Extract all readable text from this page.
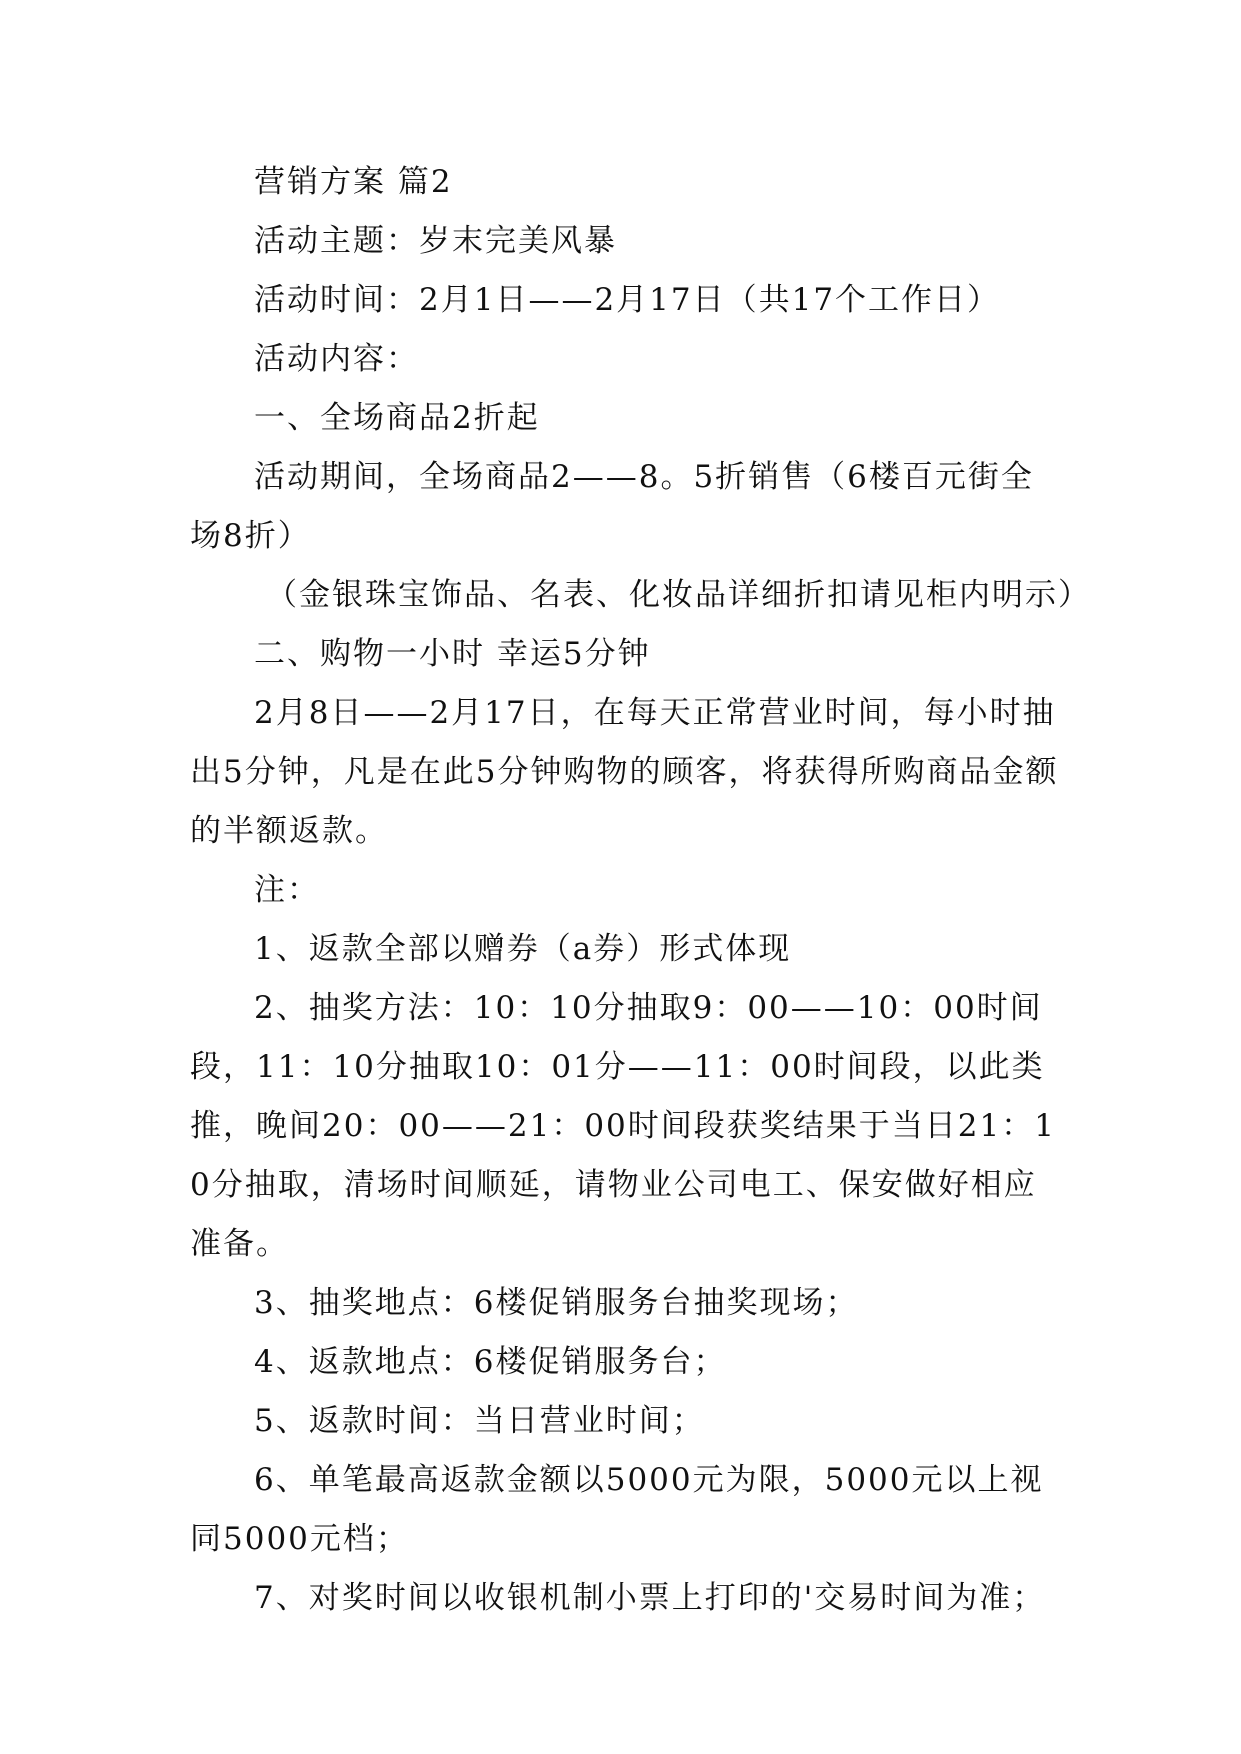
营销方案 篇2

活动主题：岁末完美风暴

活动时间：2月1日——2月17日（共17个工作日）

活动内容：

一、全场商品2折起

活动期间，全场商品2——8。5折销售（6楼百元街全场8折）

（金银珠宝饰品、名表、化妆品详细折扣请见柜内明示）

二、购物一小时 幸运5分钟

2月8日——2月17日，在每天正常营业时间，每小时抽出5分钟，凡是在此5分钟购物的顾客，将获得所购商品金额的半额返款。

注：

1、返款全部以赠券（a券）形式体现

2、抽奖方法：10：10分抽取9：00——10：00时间段，11：10分抽取10：01分——11：00时间段，以此类推，晚间20：00——21：00时间段获奖结果于当日21：10分抽取，清场时间顺延，请物业公司电工、保安做好相应准备。

3、抽奖地点：6楼促销服务台抽奖现场；

4、返款地点：6楼促销服务台；

5、返款时间：当日营业时间；

6、单笔最高返款金额以5000元为限，5000元以上视同5000元档；

7、对奖时间以收银机制小票上打印的'交易时间为准；
